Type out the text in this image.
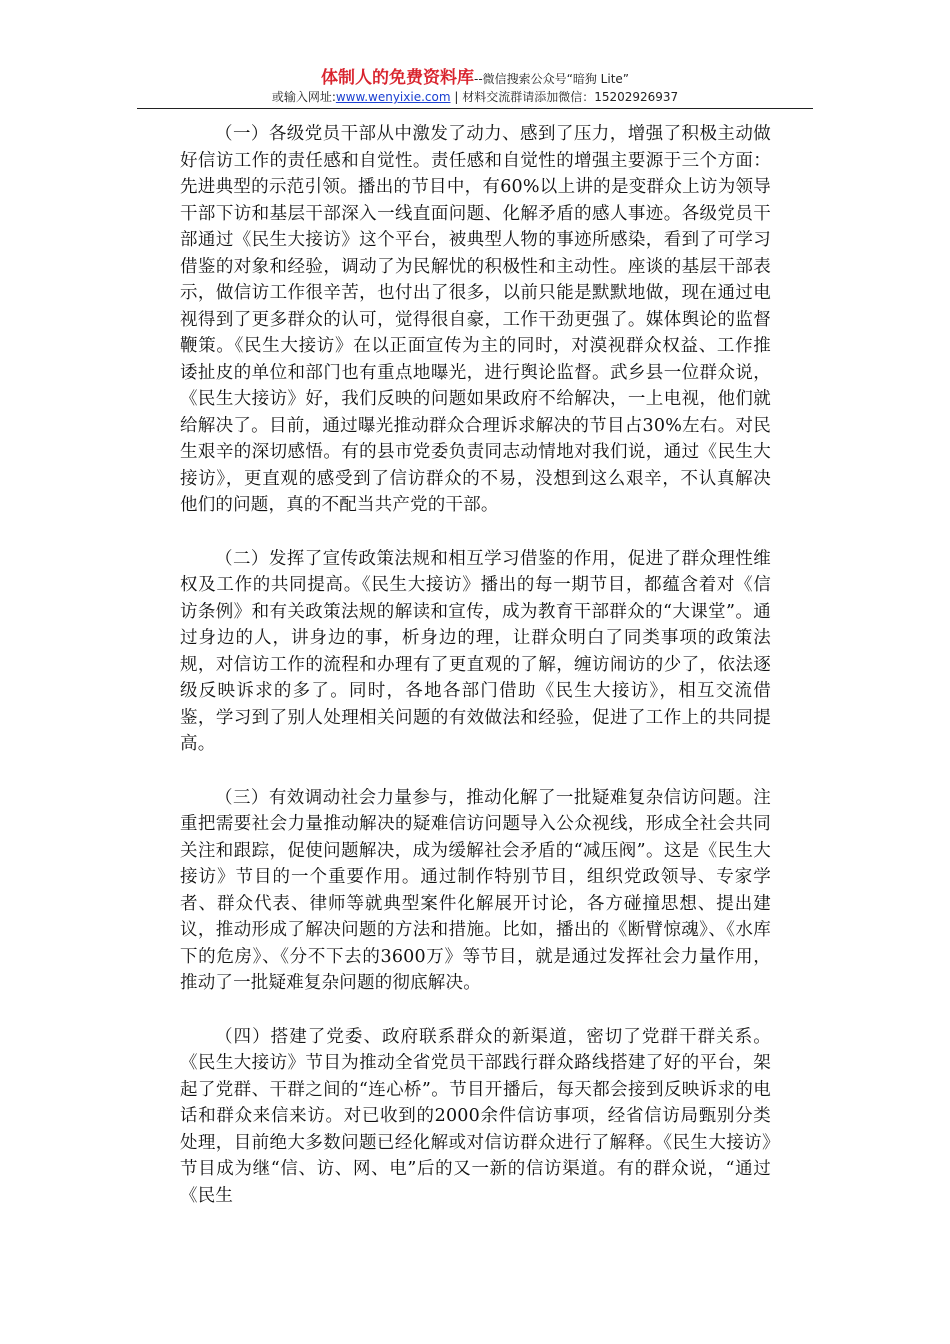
体制人的免费资料库--微信搜索公众号“暗狗 Lite”
或输入网址:www.wenyixie.com | 材料交流群请添加微信：15202926937

（一）各级党员干部从中激发了动力、感到了压力，增强了积极主动做好信访工作的责任感和自觉性。责任感和自觉性的增强主要源于三个方面：先进典型的示范引领。播出的节目中，有60%以上讲的是变群众上访为领导干部下访和基层干部深入一线直面问题、化解矛盾的感人事迹。各级党员干部通过《民生大接访》这个平台，被典型人物的事迹所感染，看到了可学习借鉴的对象和经验，调动了为民解忧的积极性和主动性。座谈的基层干部表示，做信访工作很辛苦，也付出了很多，以前只能是默默地做，现在通过电视得到了更多群众的认可，觉得很自豪，工作干劲更强了。媒体舆论的监督鞭策。《民生大接访》在以正面宣传为主的同时，对漠视群众权益、工作推诿扯皮的单位和部门也有重点地曝光，进行舆论监督。武乡县一位群众说，《民生大接访》好，我们反映的问题如果政府不给解决，一上电视，他们就给解决了。目前，通过曝光推动群众合理诉求解决的节目占30%左右。对民生艰辛的深切感悟。有的县市党委负责同志动情地对我们说，通过《民生大接访》，更直观的感受到了信访群众的不易，没想到这么艰辛，不认真解决他们的问题，真的不配当共产党的干部。

（二）发挥了宣传政策法规和相互学习借鉴的作用，促进了群众理性维权及工作的共同提高。《民生大接访》播出的每一期节目，都蕴含着对《信访条例》和有关政策法规的解读和宣传，成为教育干部群众的“大课堂”。通过身边的人，讲身边的事，析身边的理，让群众明白了同类事项的政策法规，对信访工作的流程和办理有了更直观的了解，缠访闹访的少了，依法逐级反映诉求的多了。同时，各地各部门借助《民生大接访》，相互交流借鉴，学习到了别人处理相关问题的有效做法和经验，促进了工作上的共同提高。

（三）有效调动社会力量参与，推动化解了一批疑难复杂信访问题。注重把需要社会力量推动解决的疑难信访问题导入公众视线，形成全社会共同关注和跟踪，促使问题解决，成为缓解社会矛盾的“减压阀”。这是《民生大接访》节目的一个重要作用。通过制作特别节目，组织党政领导、专家学者、群众代表、律师等就典型案件化解展开讨论，各方碰撞思想、提出建议，推动形成了解决问题的方法和措施。比如，播出的《断臂惊魂》、《水库下的危房》、《分不下去的3600万》等节目，就是通过发挥社会力量作用，推动了一批疑难复杂问题的彻底解决。

（四）搭建了党委、政府联系群众的新渠道，密切了党群干群关系。《民生大接访》节目为推动全省党员干部践行群众路线搭建了好的平台，架起了党群、干群之间的“连心桥”。节目开播后，每天都会接到反映诉求的电话和群众来信来访。对已收到的2000余件信访事项，经省信访局甄别分类处理，目前绝大多数问题已经化解或对信访群众进行了解释。《民生大接访》节目成为继“信、访、网、电”后的又一新的信访渠道。有的群众说，“通过《民生
